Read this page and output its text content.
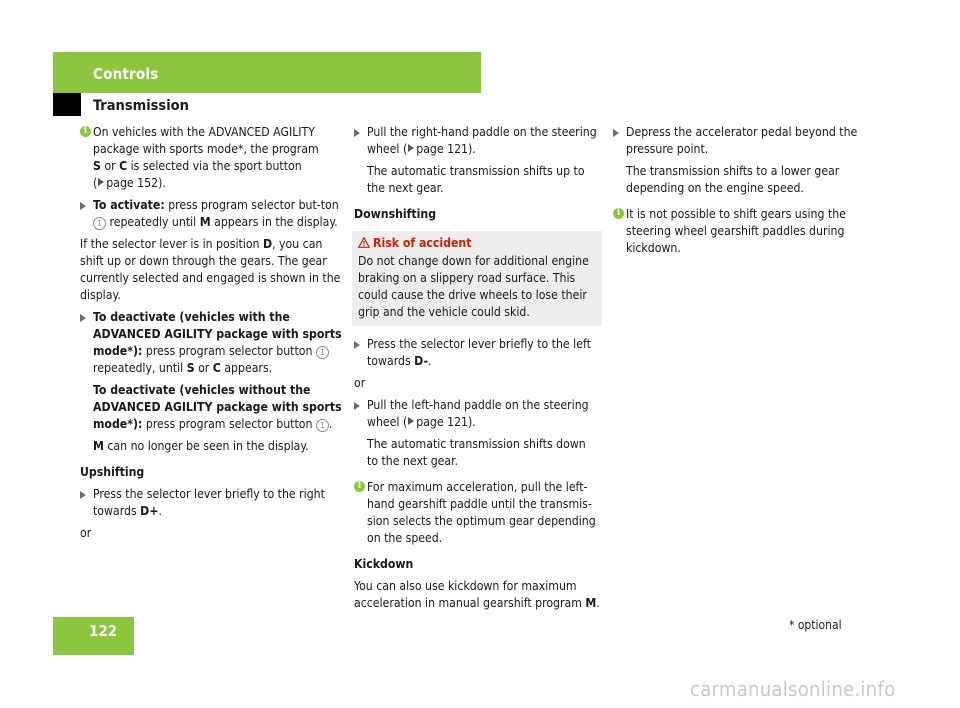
Controls
Transmission
i On vehicles with the ADVANCED AGILITY package with sports mode*, the program
S or C is selected via the sport button
( page 152).
To activate: press program selector but-ton 1 repeatedly until M appears in the display.

If the selector lever is in position D, you can shift up or down through the gears. The gear currently selected and engaged is shown in the display.

To deactivate (vehicles with the ADVANCED AGILITY package with sports mode*): press program selector button 1 repeatedly, until S or C appears.
To deactivate (vehicles without the ADVANCED AGILITY package with sports mode*): press program selector button 1 .
M can no longer be seen in the display.
Upshifting
Press the selector lever briefly to the right towards D+.

or

Pull the right-hand paddle on the steering wheel ( page 121).
The automatic transmission shifts up to the next gear.
Downshifting
Risk of accident
Do not change down for additional engine braking on a slippery road surface. This could cause the drive wheels to lose their grip and the vehicle could skid.
Press the selector lever briefly to the left towards D-.

or

Pull the left-hand paddle on the steering wheel ( page 121).
The automatic transmission shifts down to the next gear.
i For maximum acceleration, pull the left-hand gearshift paddle until the transmis-sion selects the optimum gear depending on the speed.
Kickdown

You can also use kickdown for maximum acceleration in manual gearshift program M.

Depress the accelerator pedal beyond the pressure point.
The transmission shifts to a lower gear depending on the engine speed.
i It is not possible to shift gears using the steering wheel gearshift paddles during kickdown.
122	* optional
carmanualsonline.info
